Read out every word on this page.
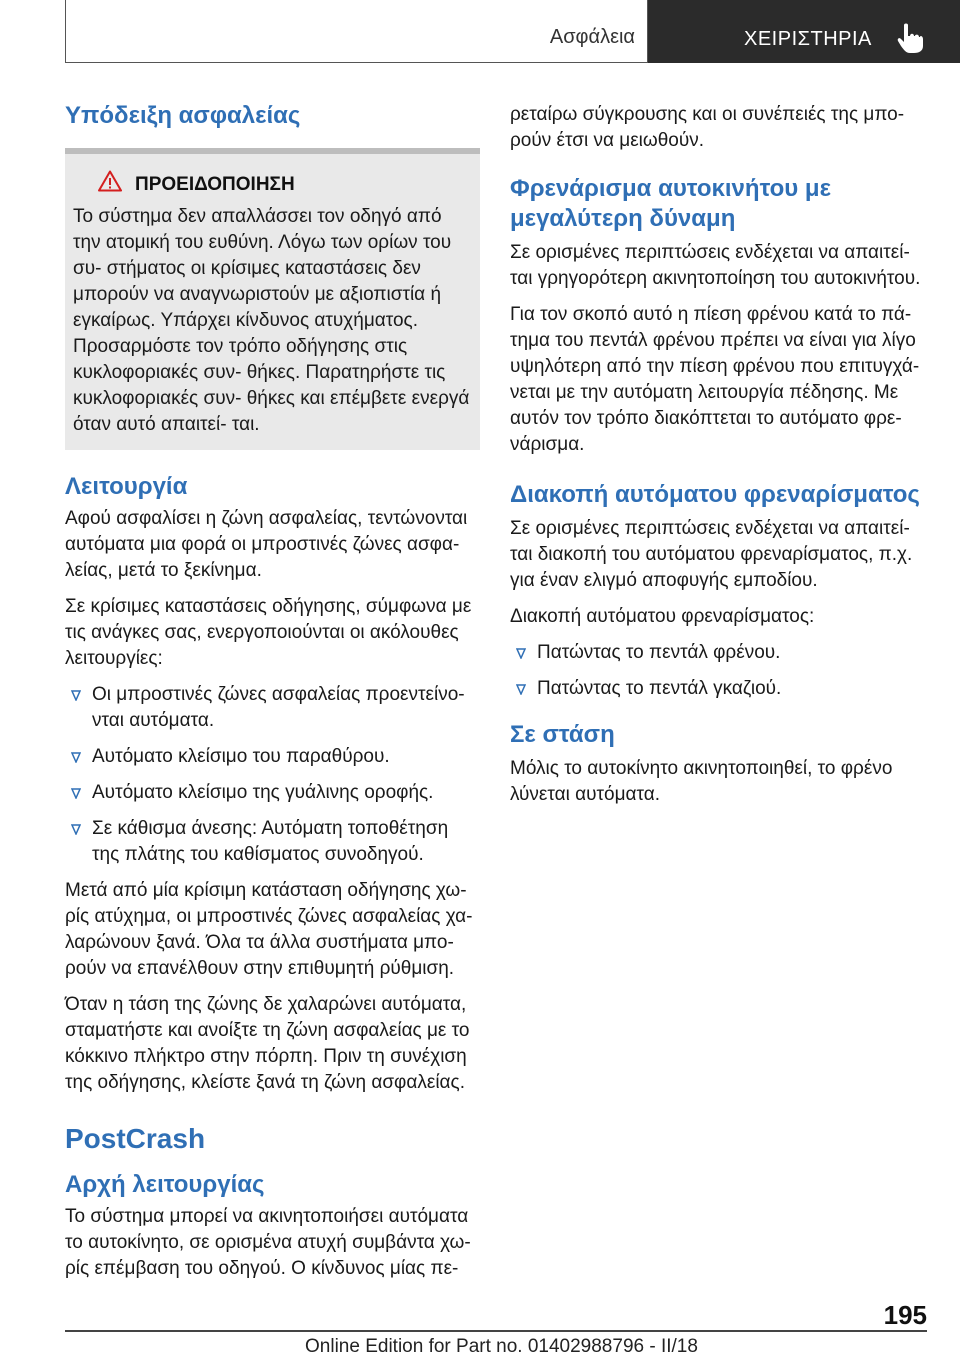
Ασφάλεια	ΧΕΙΡΙΣΤΗΡΙΑ
Υπόδειξη ασφαλείας
ΠΡΟΕΙΔΟΠΟΙΗΣΗ
Το σύστημα δεν απαλλάσσει τον οδηγό από την ατομική του ευθύνη. Λόγω των ορίων του συ- στήματος οι κρίσιμες καταστάσεις δεν μπορούν να αναγνωριστούν με αξιοπιστία ή εγκαίρως. Υπάρχει κίνδυνος ατυχήματος. Προσαρμόστε τον τρόπο οδήγησης στις κυκλοφοριακές συν- θήκες. Παρατηρήστε τις κυκλοφοριακές συν- θήκες και επέμβετε ενεργά όταν αυτό απαιτεί- ται.
Λειτουργία

Αφού ασφαλίσει η ζώνη ασφαλείας, τεντώνονται αυτόματα μια φορά οι μπροστινές ζώνες ασφα- λείας, μετά το ξεκίνημα.

Σε κρίσιμες καταστάσεις οδήγησης, σύμφωνα με τις ανάγκες σας, ενεργοποιούνται οι ακόλουθες λειτουργίες:

Οι μπροστινές ζώνες ασφαλείας προεντείνο- νται αυτόματα.
Αυτόματο κλείσιμο του παραθύρου.
Αυτόματο κλείσιμο της γυάλινης οροφής.
Σε κάθισμα άνεσης: Αυτόματη τοποθέτηση της πλάτης του καθίσματος συνοδηγού.

Μετά από μία κρίσιμη κατάσταση οδήγησης χω- ρίς ατύχημα, οι μπροστινές ζώνες ασφαλείας χα- λαρώνουν ξανά. Όλα τα άλλα συστήματα μπο- ρούν να επανέλθουν στην επιθυμητή ρύθμιση.

Όταν η τάση της ζώνης δε χαλαρώνει αυτόματα, σταματήστε και ανοίξτε τη ζώνη ασφαλείας με το κόκκινο πλήκτρο στην πόρπη. Πριν τη συνέχιση της οδήγησης, κλείστε ξανά τη ζώνη ασφαλείας.

PostCrash
Αρχή λειτουργίας

Το σύστημα μπορεί να ακινητοποιήσει αυτόματα το αυτοκίνητο, σε ορισμένα ατυχή συμβάντα χω- ρίς επέμβαση του οδηγού. Ο κίνδυνος μίας πε-

ρεταίρω σύγκρουσης και οι συνέπειές της μπο- ρούν έτσι να μειωθούν.

Φρενάρισμα αυτοκινήτου με μεγαλύτερη δύναμη

Σε ορισμένες περιπτώσεις ενδέχεται να απαιτεί- ται γρηγορότερη ακινητοποίηση του αυτοκινήτου.

Για τον σκοπό αυτό η πίεση φρένου κατά το πά- τημα του πεντάλ φρένου πρέπει να είναι για λίγο υψηλότερη από την πίεση φρένου που επιτυγχά- νεται με την αυτόματη λειτουργία πέδησης. Με αυτόν τον τρόπο διακόπτεται το αυτόματο φρε- νάρισμα.

Διακοπή αυτόματου φρεναρίσματος

Σε ορισμένες περιπτώσεις ενδέχεται να απαιτεί- ται διακοπή του αυτόματου φρεναρίσματος, π.χ. για έναν ελιγμό αποφυγής εμποδίου.

Διακοπή αυτόματου φρεναρίσματος:

Πατώντας το πεντάλ φρένου.
Πατώντας το πεντάλ γκαζιού.
Σε στάση

Μόλις το αυτοκίνητο ακινητοποιηθεί, το φρένο λύνεται αυτόματα.

195
Online Edition for Part no. 01402988796 - II/18
